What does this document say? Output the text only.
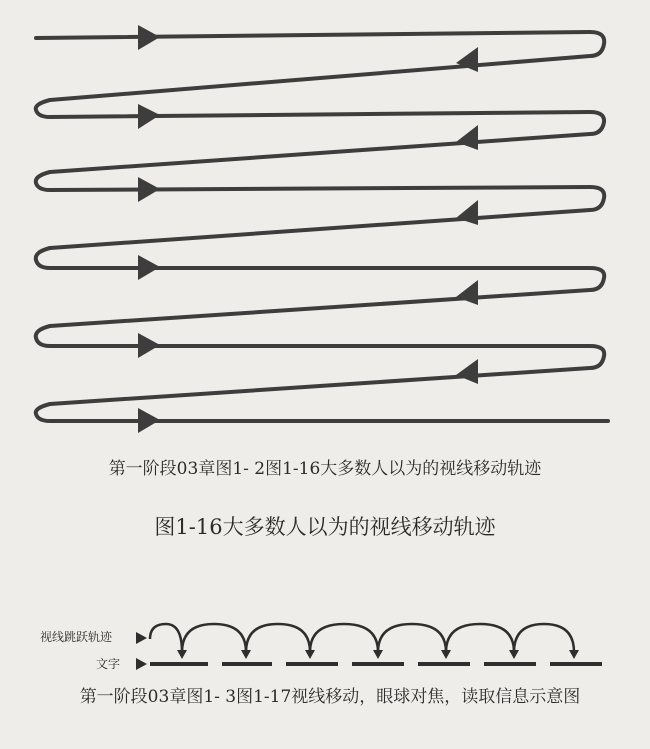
第一阶段03章图1- 2图1-16大多数人以为的视线移动轨迹
图1-16大多数人以为的视线移动轨迹
视线跳跃轨迹
文字
第一阶段03章图1- 3图1-17视线移动，眼球对焦，读取信息示意图
